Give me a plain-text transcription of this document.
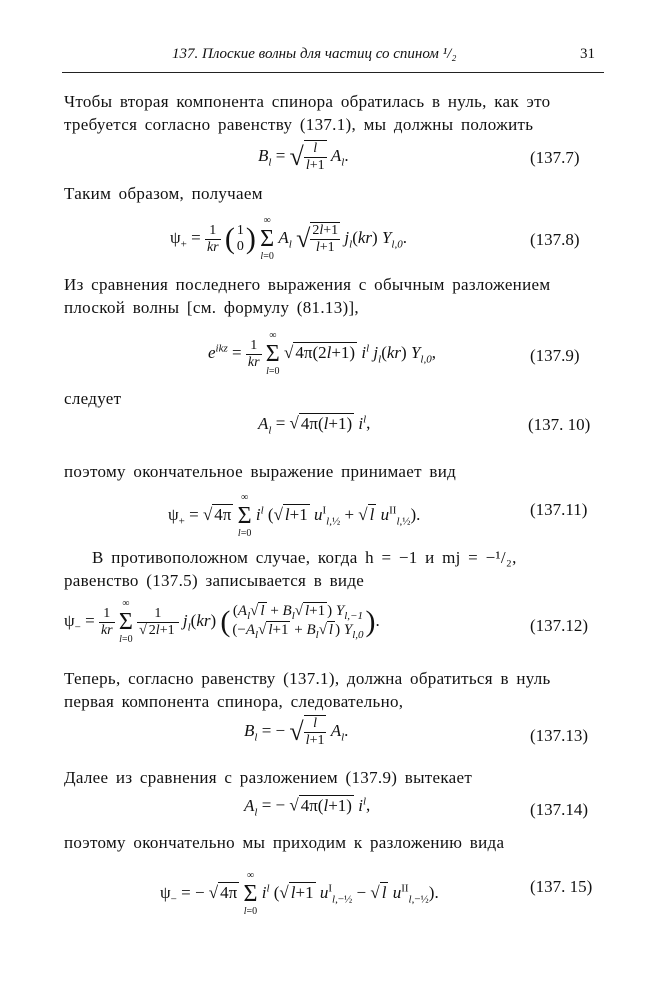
137. Плоские волны для частиц со спином ¹/₂	31
Чтобы вторая компонента спинора обратилась в нуль, как это требуется согласно равенству (137.1), мы должны положить
$B_l$ = √ $\frac{l}{l+1} A_l$.	(137.7)
Таким образом, получаем
$\psi_+ = \frac{1}{kr}$ ( 1
0 )
∞
Σ
l=0
$A_l$ √ $\frac{2l+1}{l+1} j_l(kr)$ $Y_{l,0}$.	(137.8)
Из сравнения последнего выражения с обычным разложением плоской волны [см. формулу (81.13)],
$e^{ikz} = \frac{1}{kr}$

∞
Σ
l=0
√ 4π(2l+1) $i^l$ $j_l(kr)$ $Y_{l,0}$,	(137.9)
следует
$A_l$ = √ 4π(l+1) $i^l$,	(137. 10)
поэтому окончательное выражение принимает вид
$\psi_+$ = √ 4π
∞
Σ
l=0
$i^l$ (√ l+1 $u^I_{l,\frac{1}{2}}$ + √ l $u^{II}_{l,\frac{1}{2}}$).	(137.11)
В противоположном случае, когда h = −1 и mj = −¹/₂, равенство (137.5) записывается в виде
$\psi_- = \frac{1}{kr}$

∞
Σ
l=0

$\frac{1}{√ 2l+1} j_l(kr)$ ( ($A_l√$ $l + B_l√$ l+1 ) $Y_{l,-1}$
($-A_l√$ $l+1 + B_l√$ l ) $Y_{l,0}$ ).	(137.12)
Теперь, согласно равенству (137.1), должна обратиться в нуль первая компонента спинора, следовательно,
$B_l$ = − √ $\frac{l}{l+1} A_l$.	(137.13)
Далее из сравнения с разложением (137.9) вытекает
$A_l$ = − √ 4π(l+1) $i^l$,	(137.14)
поэтому окончательно мы приходим к разложению вида
$\psi_-$ = − √ 4π
∞
Σ
l=0
$i^l$ (√ l+1 $u^I_{l,-\frac{1}{2}}$ − √ l $u^{II}_{l,-\frac{1}{2}}$).	(137. 15)
